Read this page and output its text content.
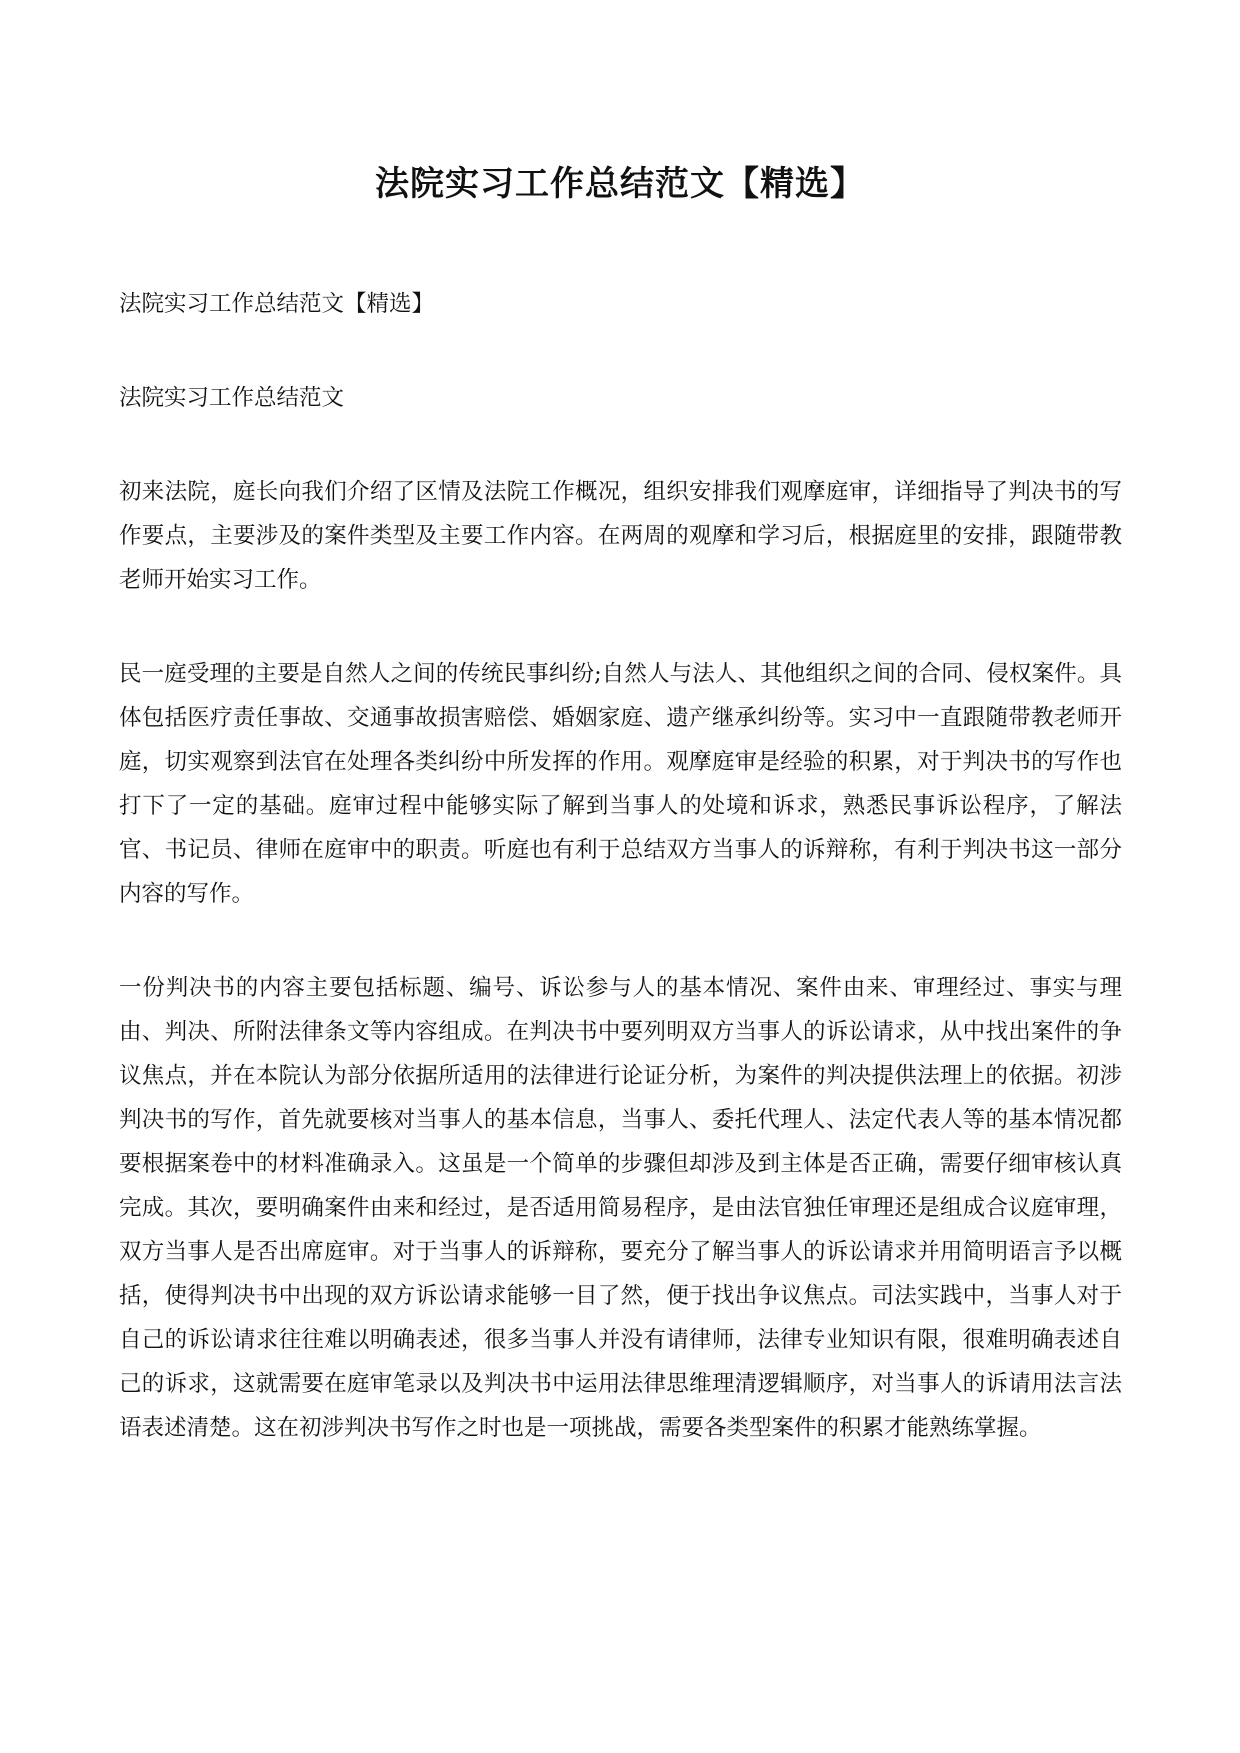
法院实习工作总结范文【精选】

法院实习工作总结范文【精选】

法院实习工作总结范文

初来法院，庭长向我们介绍了区情及法院工作概况，组织安排我们观摩庭审，详细指导了判决书的写作要点，主要涉及的案件类型及主要工作内容。在两周的观摩和学习后，根据庭里的安排，跟随带教老师开始实习工作。

民一庭受理的主要是自然人之间的传统民事纠纷;自然人与法人、其他组织之间的合同、侵权案件。具体包括医疗责任事故、交通事故损害赔偿、婚姻家庭、遗产继承纠纷等。实习中一直跟随带教老师开庭，切实观察到法官在处理各类纠纷中所发挥的作用。观摩庭审是经验的积累，对于判决书的写作也打下了一定的基础。庭审过程中能够实际了解到当事人的处境和诉求，熟悉民事诉讼程序，了解法官、书记员、律师在庭审中的职责。听庭也有利于总结双方当事人的诉辩称，有利于判决书这一部分内容的写作。

一份判决书的内容主要包括标题、编号、诉讼参与人的基本情况、案件由来、审理经过、事实与理由、判决、所附法律条文等内容组成。在判决书中要列明双方当事人的诉讼请求，从中找出案件的争议焦点，并在本院认为部分依据所适用的法律进行论证分析，为案件的判决提供法理上的依据。初涉判决书的写作，首先就要核对当事人的基本信息，当事人、委托代理人、法定代表人等的基本情况都要根据案卷中的材料准确录入。这虽是一个简单的步骤但却涉及到主体是否正确，需要仔细审核认真完成。其次，要明确案件由来和经过，是否适用简易程序，是由法官独任审理还是组成合议庭审理，双方当事人是否出席庭审。对于当事人的诉辩称，要充分了解当事人的诉讼请求并用简明语言予以概括，使得判决书中出现的双方诉讼请求能够一目了然，便于找出争议焦点。司法实践中，当事人对于自己的诉讼请求往往难以明确表述，很多当事人并没有请律师，法律专业知识有限，很难明确表述自己的诉求，这就需要在庭审笔录以及判决书中运用法律思维理清逻辑顺序，对当事人的诉请用法言法语表述清楚。这在初涉判决书写作之时也是一项挑战，需要各类型案件的积累才能熟练掌握。
